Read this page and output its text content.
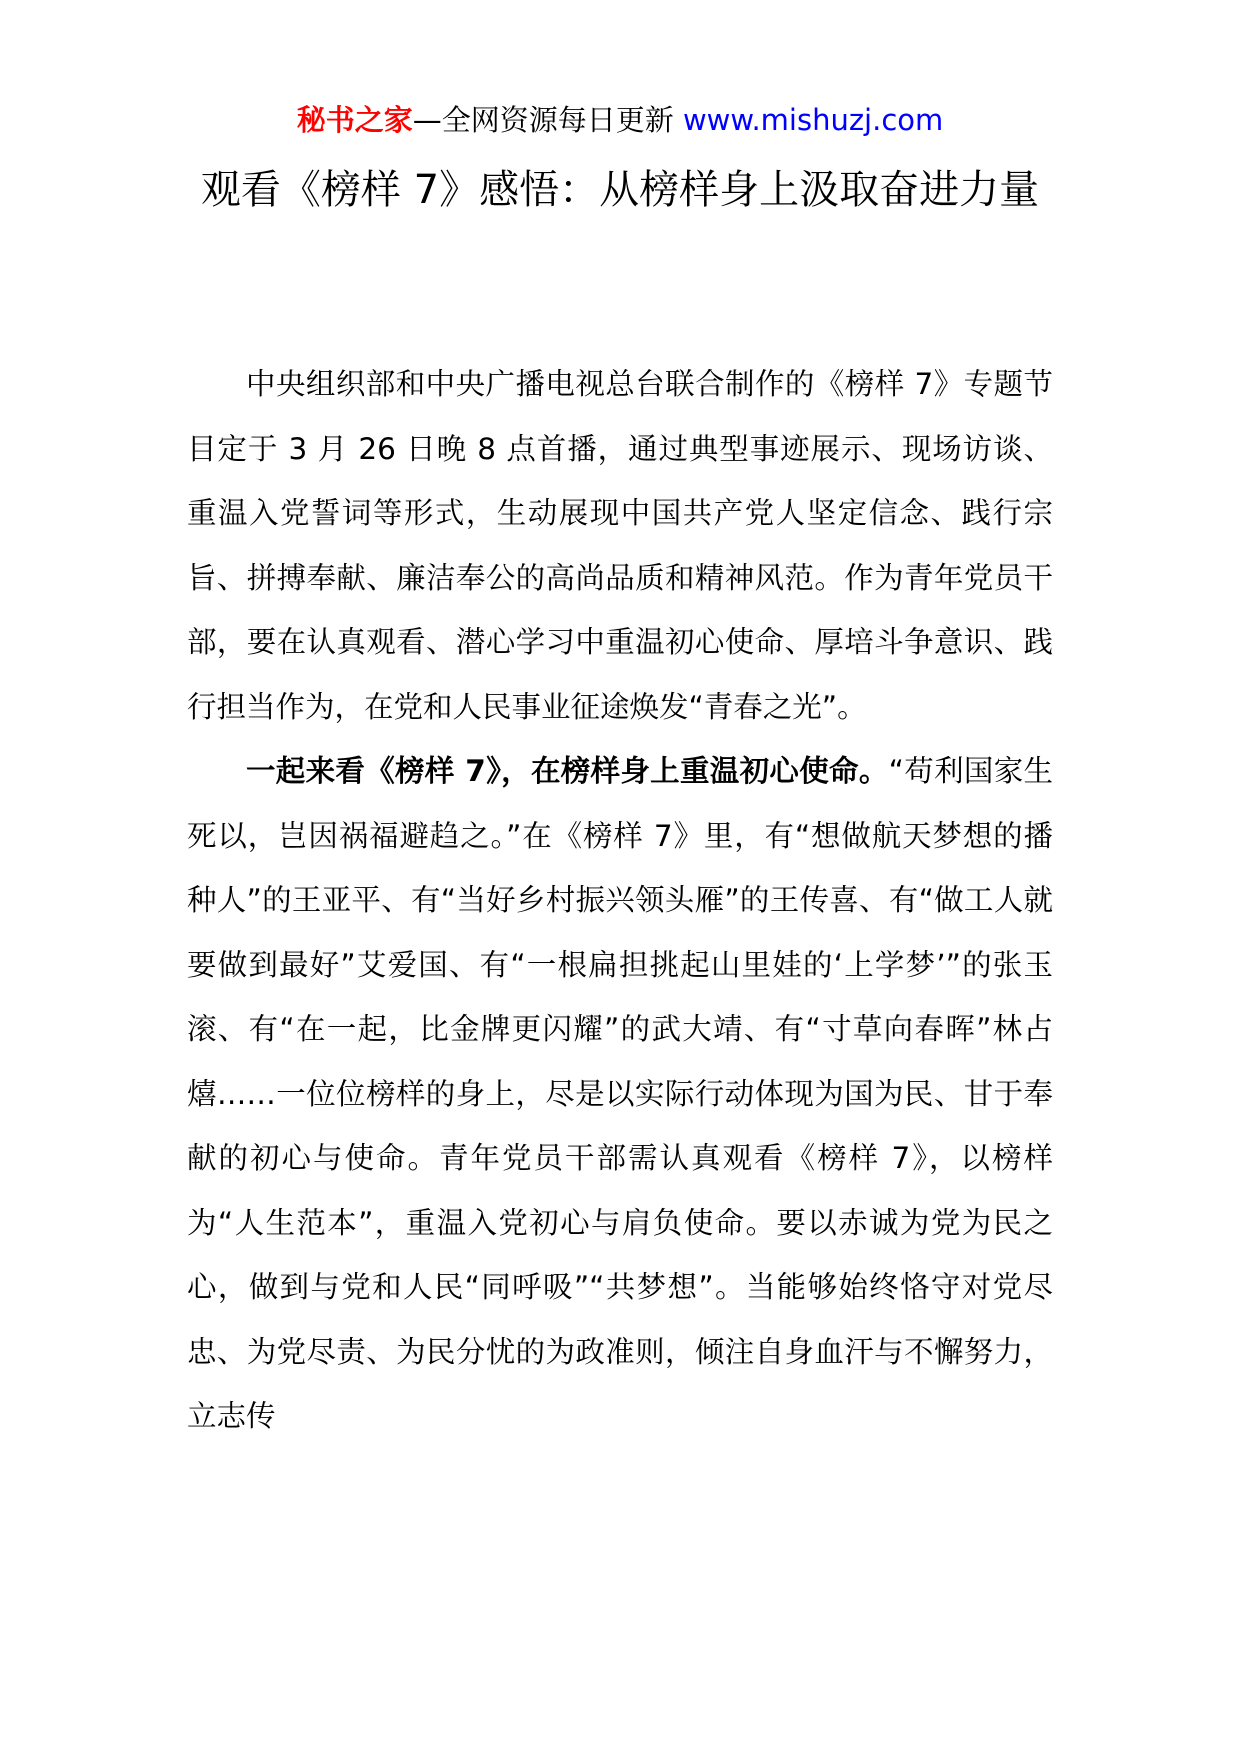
秘书之家—全网资源每日更新 www.mishuzj.com
观看《榜样 7》感悟：从榜样身上汲取奋进力量

中央组织部和中央广播电视总台联合制作的《榜样 7》专题节目定于 3 月 26 日晚 8 点首播，通过典型事迹展示、现场访谈、重温入党誓词等形式，生动展现中国共产党人坚定信念、践行宗旨、拼搏奉献、廉洁奉公的高尚品质和精神风范。作为青年党员干部，要在认真观看、潜心学习中重温初心使命、厚培斗争意识、践行担当作为，在党和人民事业征途焕发“青春之光”。

一起来看《榜样 7》，在榜样身上重温初心使命。“苟利国家生死以，岂因祸福避趋之。”在《榜样 7》里，有“想做航天梦想的播种人”的王亚平、有“当好乡村振兴领头雁”的王传喜、有“做工人就要做到最好”艾爱国、有“一根扁担挑起山里娃的‘上学梦’”的张玉滚、有“在一起，比金牌更闪耀”的武大靖、有“寸草向春晖”林占熺……一位位榜样的身上，尽是以实际行动体现为国为民、甘于奉献的初心与使命。青年党员干部需认真观看《榜样 7》，以榜样为“人生范本”，重温入党初心与肩负使命。要以赤诚为党为民之心，做到与党和人民“同呼吸”“共梦想”。当能够始终恪守对党尽忠、为党尽责、为民分忧的为政准则，倾注自身血汗与不懈努力，立志传
